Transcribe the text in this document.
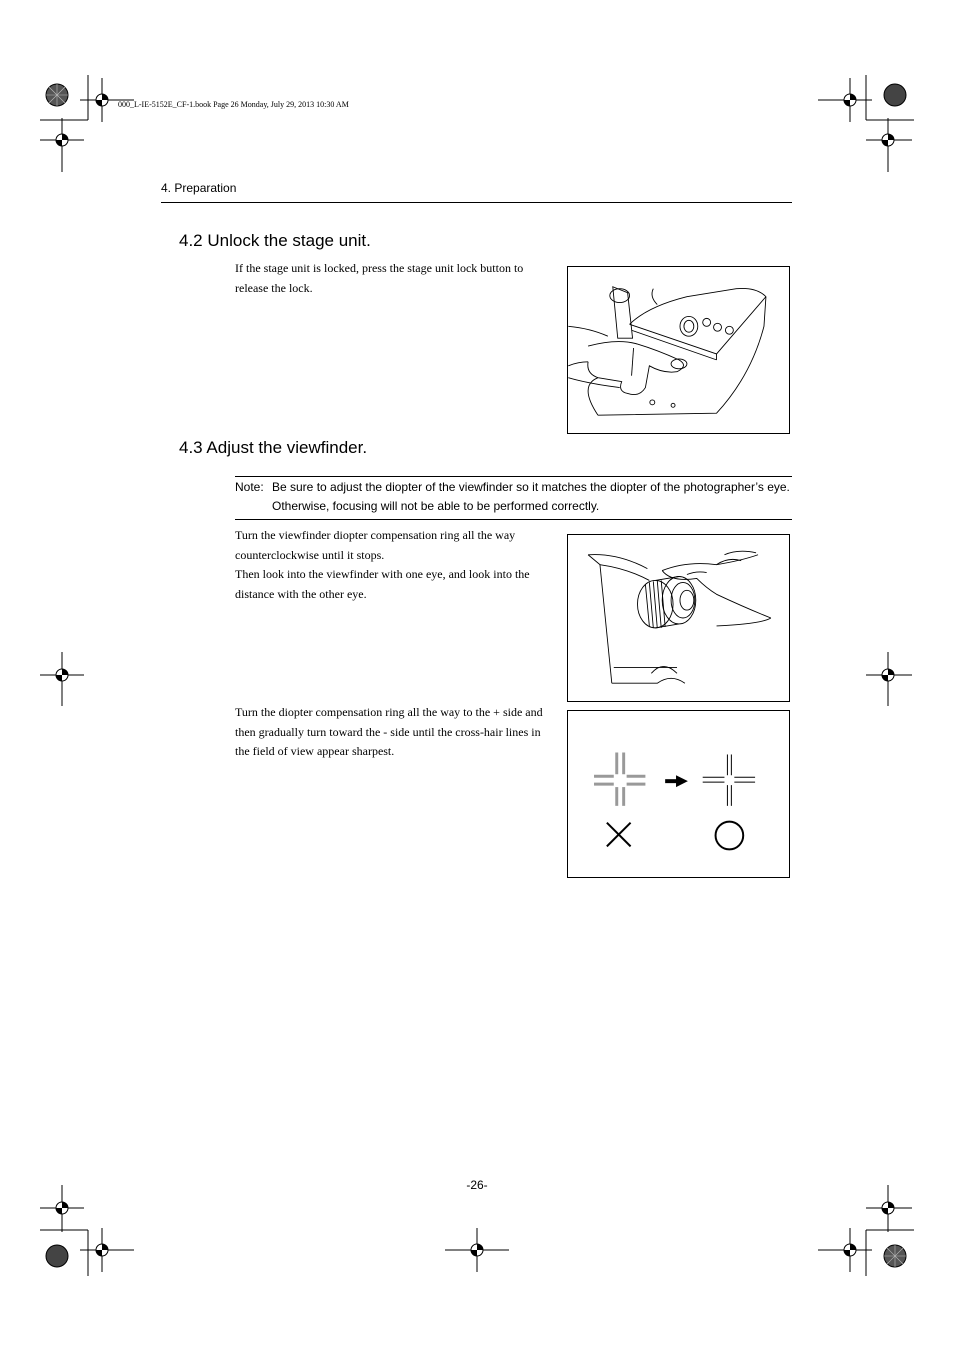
000_L-IE-5152E_CF-1.book Page 26 Monday, July 29, 2013 10:30 AM
4. Preparation
4.2 Unlock the stage unit.

If the stage unit is locked, press the stage unit lock button to release the lock.

4.3 Adjust the viewfinder.
Note: Be sure to adjust the diopter of the viewfinder so it matches the diopter of the photographer’s eye. Otherwise, focusing will not be able to be performed correctly.

Turn the viewfinder diopter compensation ring all the way counterclockwise until it stops.

Then look into the viewfinder with one eye, and look into the distance with the other eye.

Turn the diopter compensation ring all the way to the + side and then gradually turn toward the - side until the cross-hair lines in the field of view appear sharpest.

-26-
